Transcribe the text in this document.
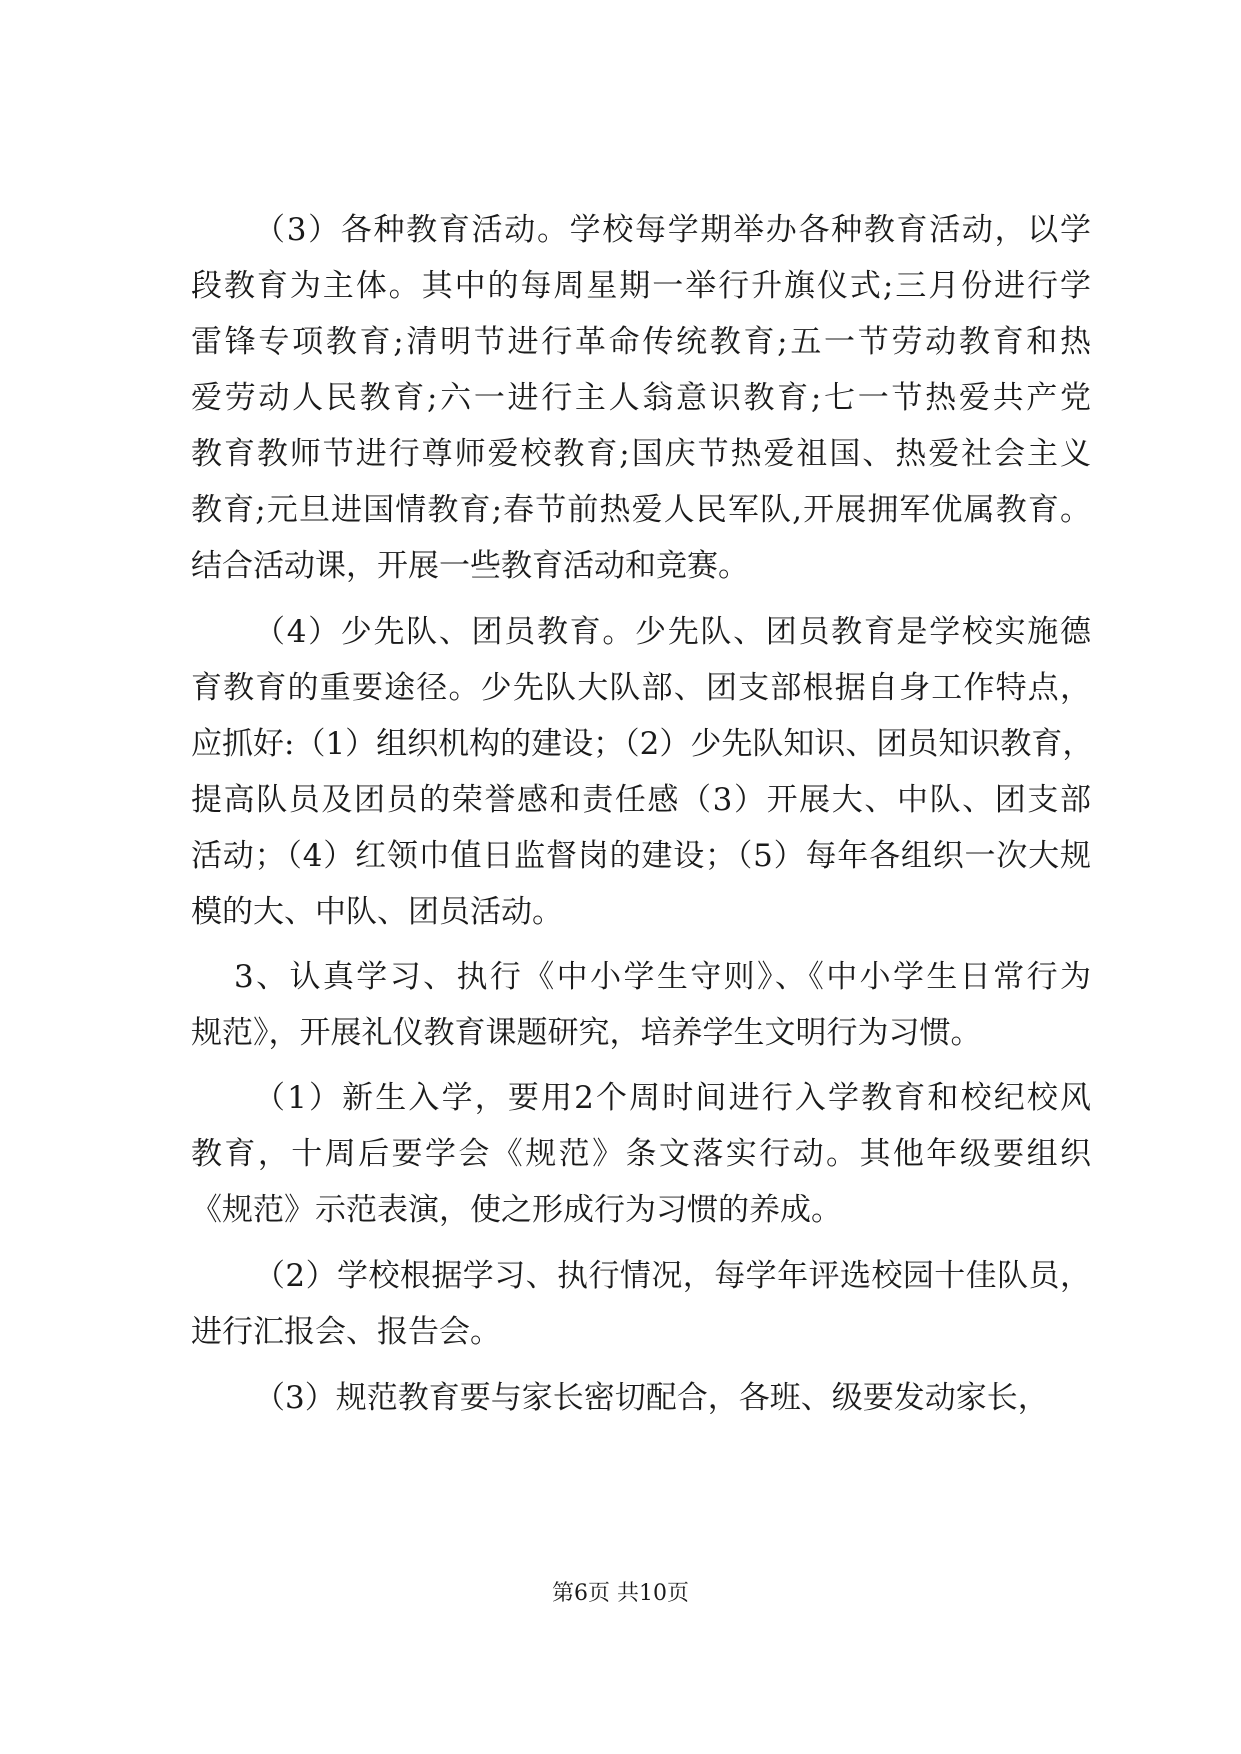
（3）各种教育活动。学校每学期举办各种教育活动，以学
段教育为主体。其中的每周星期一举行升旗仪式;三月份进行学
雷锋专项教育;清明节进行革命传统教育;五一节劳动教育和热
爱劳动人民教育;六一进行主人翁意识教育;七一节热爱共产党
教育教师节进行尊师爱校教育;国庆节热爱祖国、热爱社会主义
教育;元旦进国情教育;春节前热爱人民军队,开展拥军优属教育。
结合活动课，开展一些教育活动和竞赛。
（4）少先队、团员教育。少先队、团员教育是学校实施德
育教育的重要途径。少先队大队部、团支部根据自身工作特点，
应抓好:（1）组织机构的建设；（2）少先队知识、团员知识教育，
提高队员及团员的荣誉感和责任感（3）开展大、中队、团支部
活动；（4）红领巾值日监督岗的建设；（5）每年各组织一次大规
模的大、中队、团员活动。
3、认真学习、执行《中小学生守则》、《中小学生日常行为
规范》，开展礼仪教育课题研究，培养学生文明行为习惯。
（1）新生入学，要用2个周时间进行入学教育和校纪校风
教育，十周后要学会《规范》条文落实行动。其他年级要组织
《规范》示范表演，使之形成行为习惯的养成。
（2）学校根据学习、执行情况，每学年评选校园十佳队员，
进行汇报会、报告会。
（3）规范教育要与家长密切配合，各班、级要发动家长，
第6页 共10页
